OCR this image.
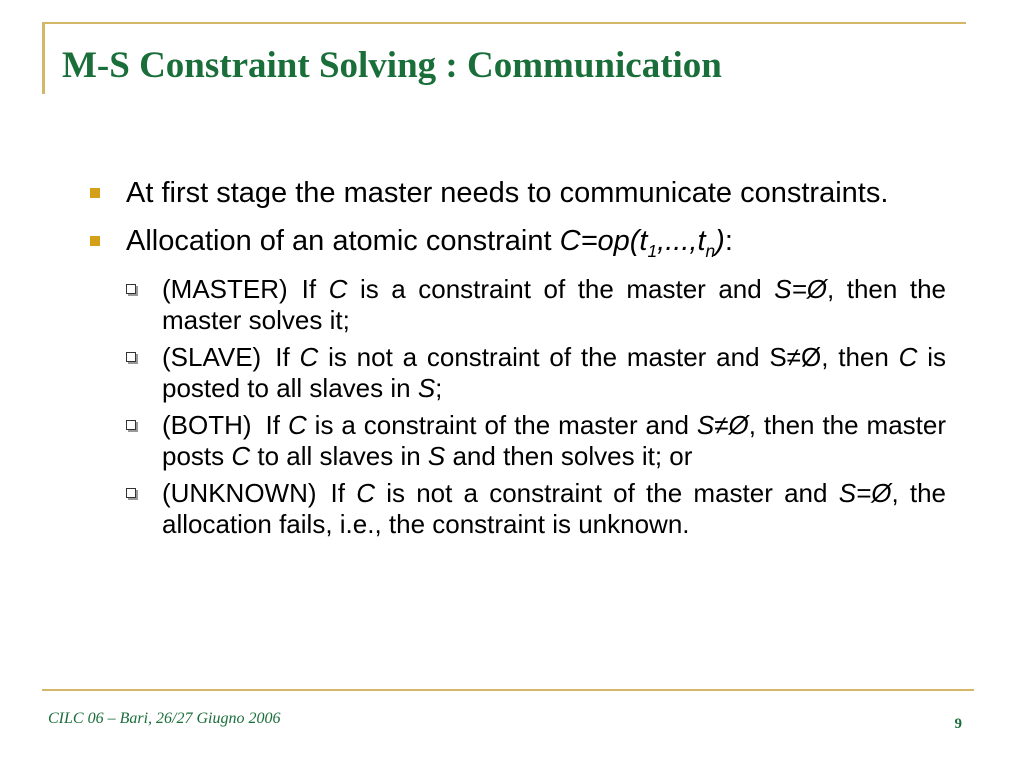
M-S Constraint Solving : Communication
At first stage the master needs to communicate constraints.
Allocation of an atomic constraint $C=op(t_1,...,t_n)$:
(MASTER) If C is a constraint of the master and S=Ø, then the master solves it;
(SLAVE) If C is not a constraint of the master and S≠Ø, then C is posted to all slaves in S;
(BOTH) If C is a constraint of the master and S≠Ø, then the master posts C to all slaves in S and then solves it; or
(UNKNOWN) If C is not a constraint of the master and S=Ø, the allocation fails, i.e., the constraint is unknown.
CILC 06 – Bari, 26/27 Giugno 2006	9
